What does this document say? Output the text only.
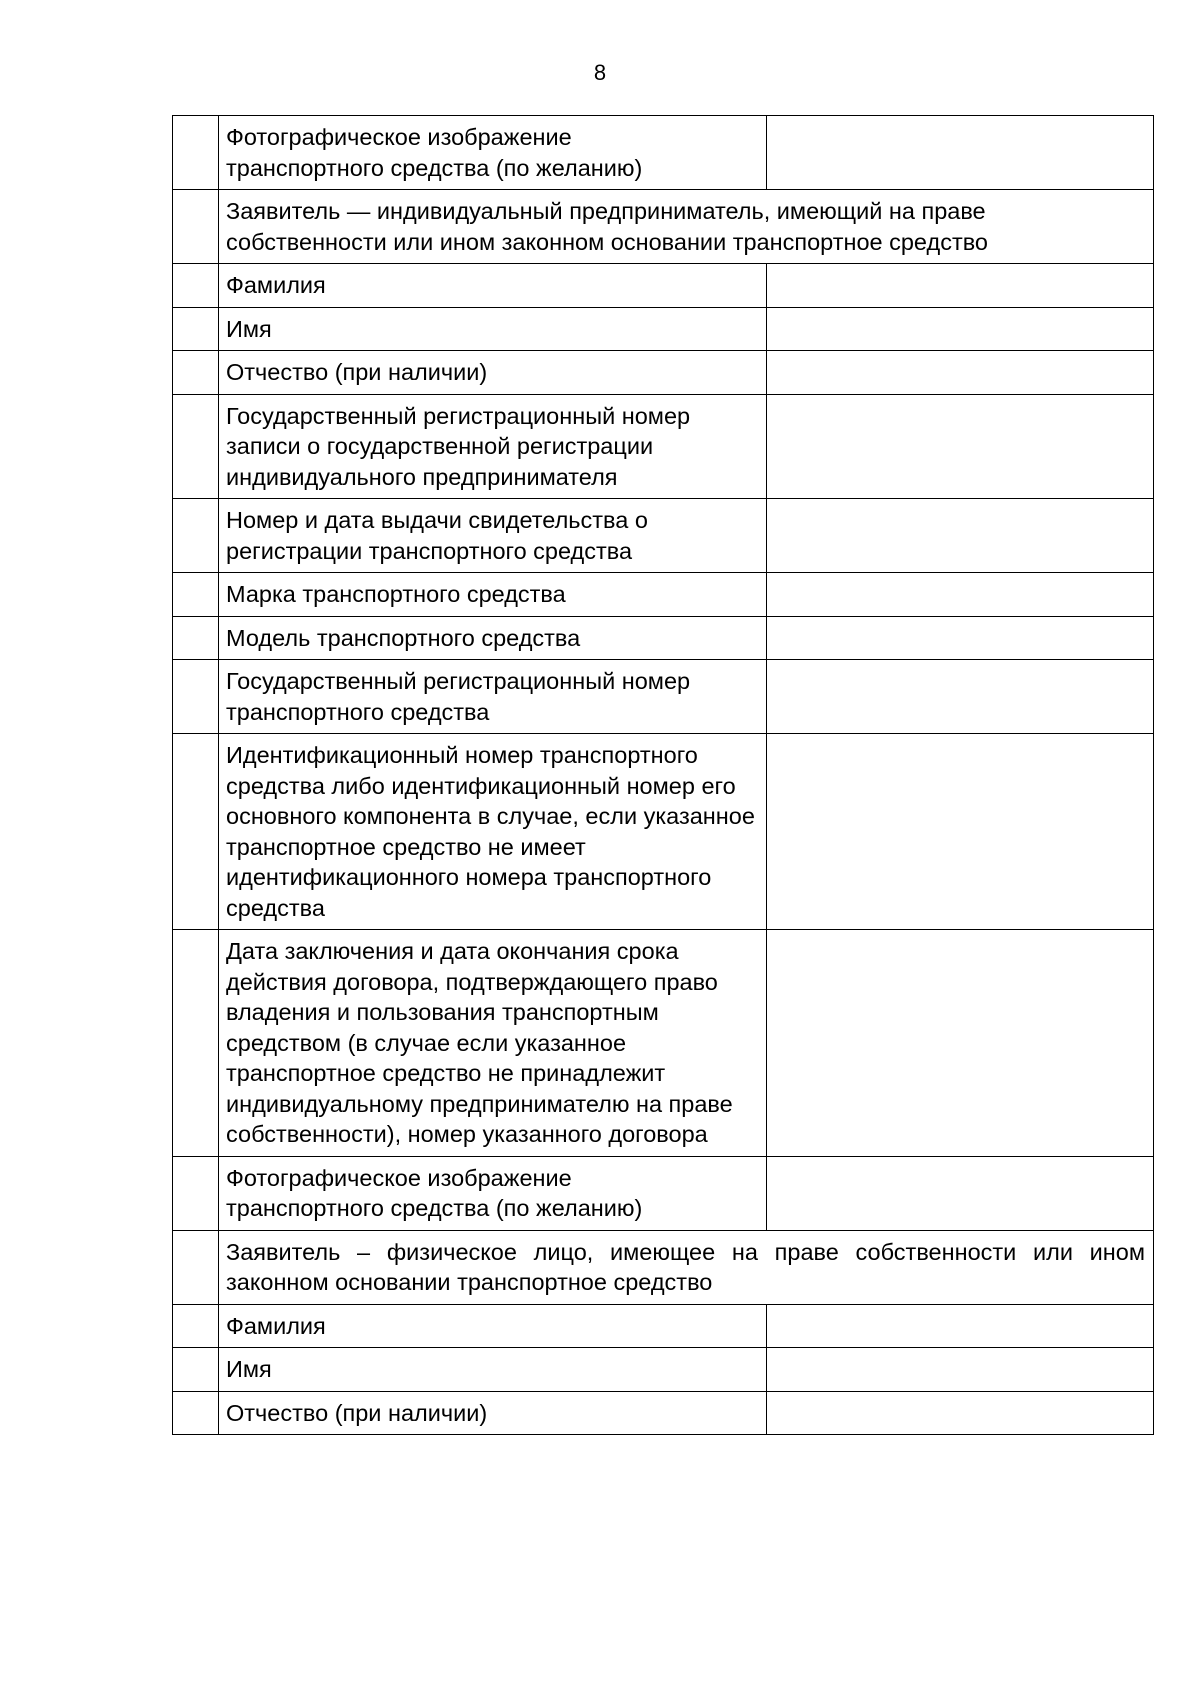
8
	Фотографическое изображение
транспортного средства (по желанию)	
	Заявитель — индивидуальный предприниматель, имеющий на праве собственности или ином законном основании транспортное средство	
	Фамилия	
	Имя	
	Отчество (при наличии)	
	Государственный регистрационный номер записи о государственной регистрации индивидуального предпринимателя	
	Номер и дата выдачи свидетельства о регистрации транспортного средства	
	Марка транспортного средства	
	Модель транспортного средства	
	Государственный регистрационный номер транспортного средства	
	Идентификационный номер транспортного средства либо идентификационный номер его основного компонента в случае, если указанное транспортное средство не имеет идентификационного номера транспортного средства	
	Дата заключения и дата окончания срока действия договора, подтверждающего право владения и пользования транспортным средством (в случае если указанное транспортное средство не принадлежит индивидуальному предпринимателю на праве собственности), номер указанного договора	
	Фотографическое изображение
транспортного средства (по желанию)	
	Заявитель – физическое лицо, имеющее на праве собственности или ином законном основании транспортное средство	
	Фамилия	
	Имя	
	Отчество (при наличии)	
